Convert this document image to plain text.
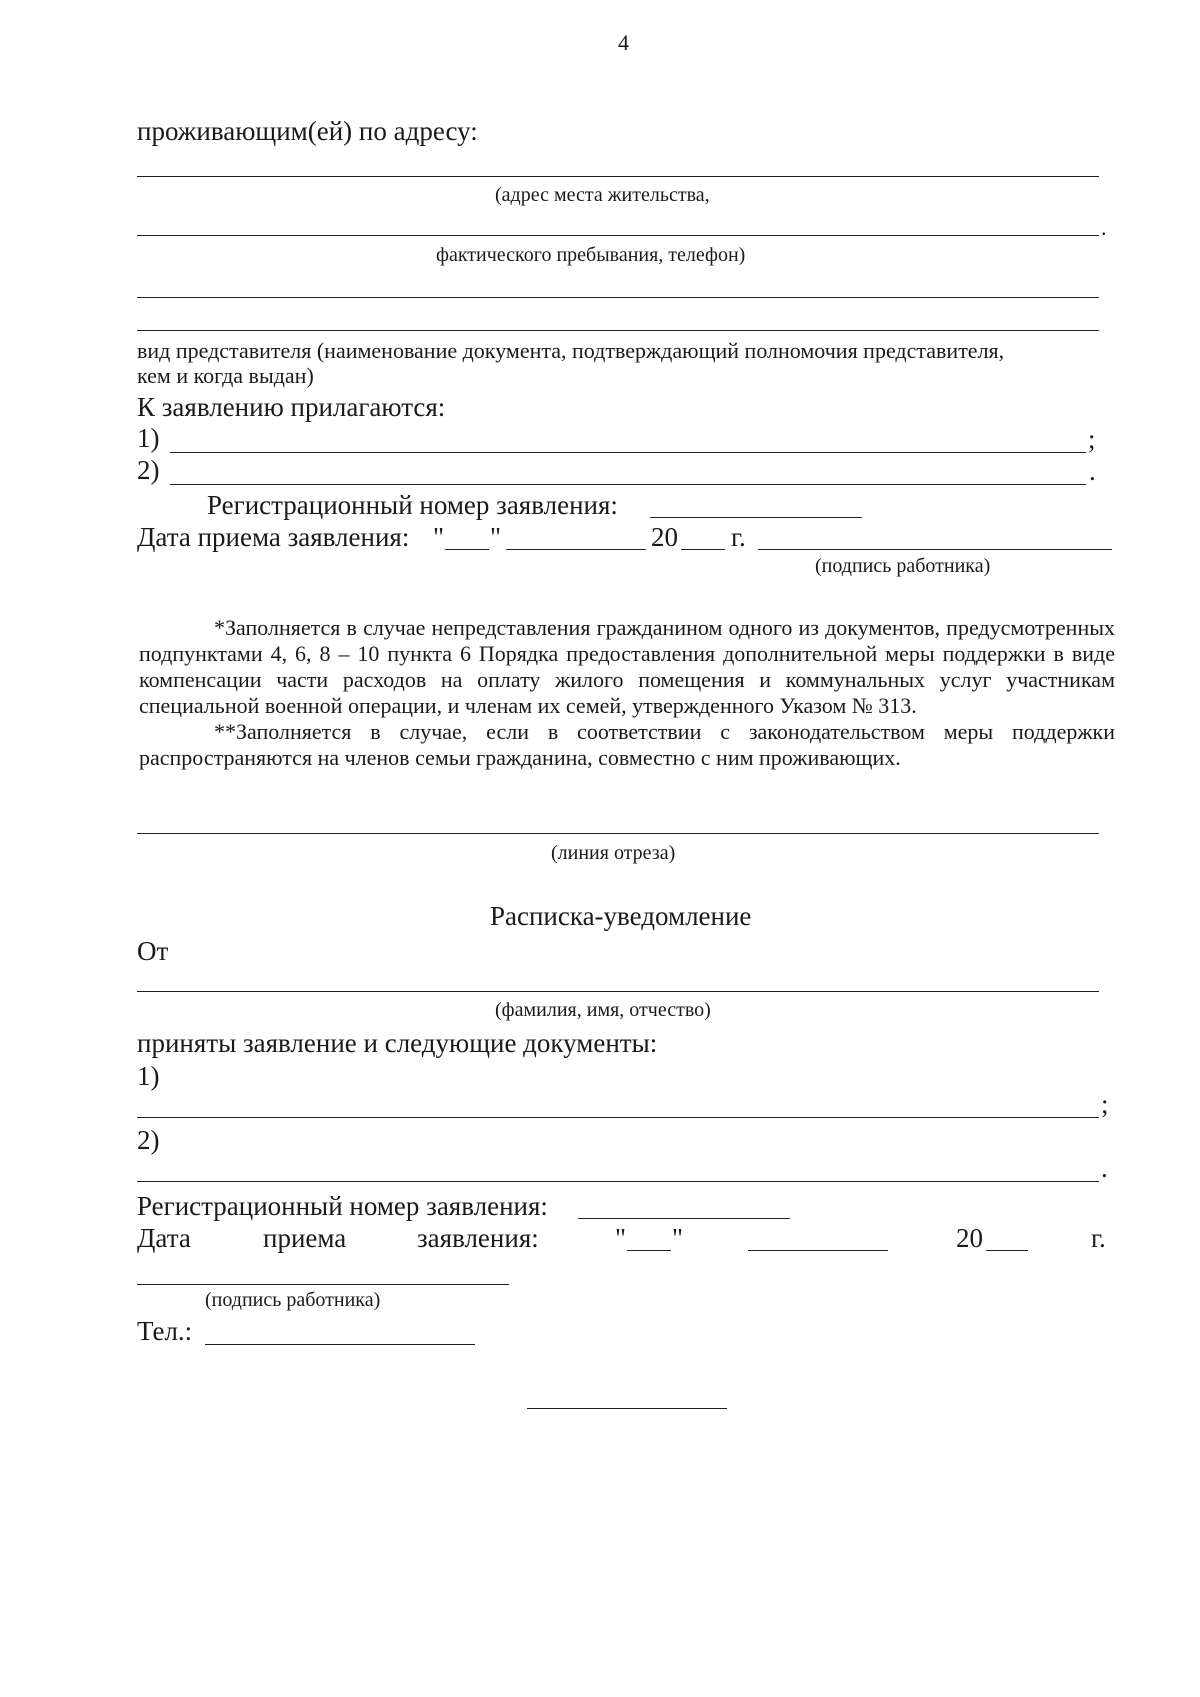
4
проживающим(ей) по адресу:
(адрес места жительства,
.
фактического пребывания, телефон)
вид представителя (наименование документа, подтверждающий полномочия представителя,
кем и когда выдан)
К заявлению прилагаются:
1)	;
2)	.
Регистрационный номер заявления:
Дата приема заявления: " "	20 г.
(подпись работника)

*Заполняется в случае непредставления гражданином одного из документов, предусмотренных подпунктами 4, 6, 8 – 10 пункта 6 Порядка предоставления дополнительной меры поддержки в виде компенсации части расходов на оплату жилого помещения и коммунальных услуг участникам специальной военной операции, и членам их семей, утвержденного Указом № 313.

**Заполняется в случае, если в соответствии с законодательством меры поддержки распространяются на членов семьи гражданина, совместно с ним проживающих.

(линия отреза)
Расписка-уведомление
От
(фамилия, имя, отчество)
приняты заявление и следующие документы:
1)
;
2)
.
Регистрационный номер заявления:
Дата	приема	заявления:	" "	20	г.
(подпись работника)
Тел.:
